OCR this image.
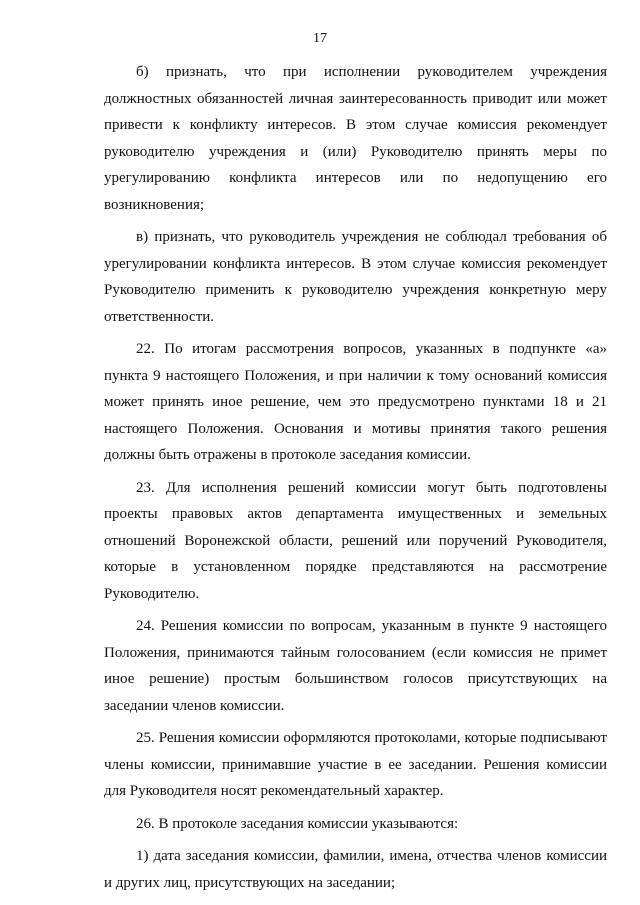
17

б) признать, что при исполнении руководителем учреждения должностных обязанностей личная заинтересованность приводит или может привести к конфликту интересов. В этом случае комиссия рекомендует руководителю учреждения и (или) Руководителю принять меры по урегулированию конфликта интересов или по недопущению его возникновения;

в) признать, что руководитель учреждения не соблюдал требования об урегулировании конфликта интересов. В этом случае комиссия рекомендует Руководителю применить к руководителю учреждения конкретную меру ответственности.

22. По итогам рассмотрения вопросов, указанных в подпункте «а» пункта 9 настоящего Положения, и при наличии к тому оснований комиссия может принять иное решение, чем это предусмотрено пунктами 18 и 21 настоящего Положения. Основания и мотивы принятия такого решения должны быть отражены в протоколе заседания комиссии.

23. Для исполнения решений комиссии могут быть подготовлены проекты правовых актов департамента имущественных и земельных отношений Воронежской области, решений или поручений Руководителя, которые в установленном порядке представляются на рассмотрение Руководителю.

24. Решения комиссии по вопросам, указанным в пункте 9 настоящего Положения, принимаются тайным голосованием (если комиссия не примет иное решение) простым большинством голосов присутствующих на заседании членов комиссии.

25. Решения комиссии оформляются протоколами, которые подписывают члены комиссии, принимавшие участие в ее заседании. Решения комиссии для Руководителя носят рекомендательный характер.

26. В протоколе заседания комиссии указываются:

1) дата заседания комиссии, фамилии, имена, отчества членов комиссии и других лиц, присутствующих на заседании;
